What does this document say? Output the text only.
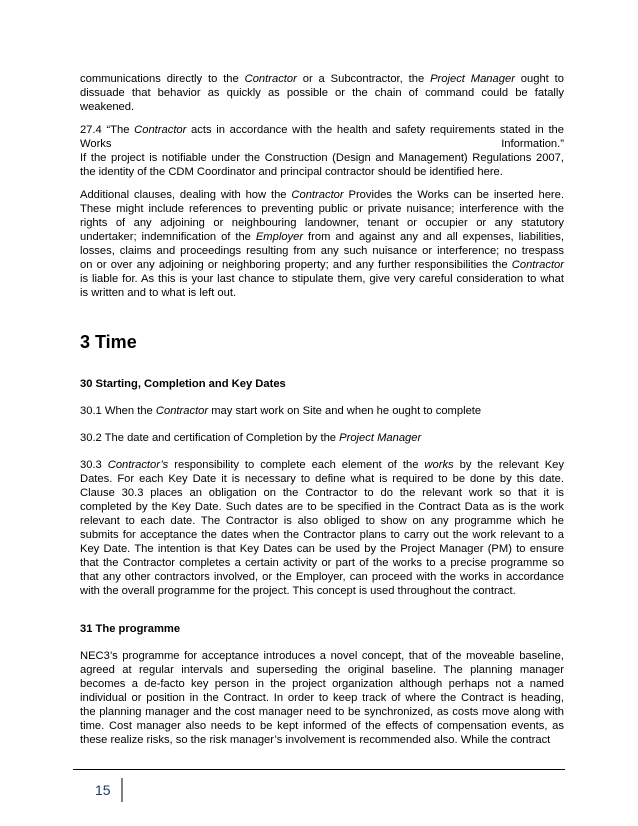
communications directly to the Contractor or a Subcontractor, the Project Manager ought to
dissuade that behavior as quickly as possible or the chain of command could be fatally
weakened.
27.4 “The Contractor acts in accordance with the health and safety requirements stated in the
Works Information.”
If the project is notifiable under the Construction (Design and Management) Regulations 2007,
the identity of the CDM Coordinator and principal contractor should be identified here.
Additional clauses, dealing with how the Contractor Provides the Works can be inserted here.
These might include references to preventing public or private nuisance; interference with the
rights of any adjoining or neighbouring landowner, tenant or occupier or any statutory
undertaker; indemnification of the Employer from and against any and all expenses, liabilities,
losses, claims and proceedings resulting from any such nuisance or interference; no trespass
on or over any adjoining or neighboring property; and any further responsibilities the Contractor
is liable for. As this is your last chance to stipulate them, give very careful consideration to what
is written and to what is left out.
3 Time
30 Starting, Completion and Key Dates
30.1 When the Contractor may start work on Site and when he ought to complete
30.2 The date and certification of Completion by the Project Manager
30.3 Contractor’s responsibility to complete each element of the works by the relevant Key
Dates. For each Key Date it is necessary to define what is required to be done by this date.
Clause 30.3 places an obligation on the Contractor to do the relevant work so that it is
completed by the Key Date. Such dates are to be specified in the Contract Data as is the work
relevant to each date. The Contractor is also obliged to show on any programme which he
submits for acceptance the dates when the Contractor plans to carry out the work relevant to a
Key Date. The intention is that Key Dates can be used by the Project Manager (PM) to ensure
that the Contractor completes a certain activity or part of the works to a precise programme so
that any other contractors involved, or the Employer, can proceed with the works in accordance
with the overall programme for the project. This concept is used throughout the contract.
31 The programme
NEC3’s programme for acceptance introduces a novel concept, that of the moveable baseline,
agreed at regular intervals and superseding the original baseline. The planning manager
becomes a de-facto key person in the project organization although perhaps not a named
individual or position in the Contract. In order to keep track of where the Contract is heading,
the planning manager and the cost manager need to be synchronized, as costs move along with
time. Cost manager also needs to be kept informed of the effects of compensation events, as
these realize risks, so the risk manager’s involvement is recommended also. While the contract
15
